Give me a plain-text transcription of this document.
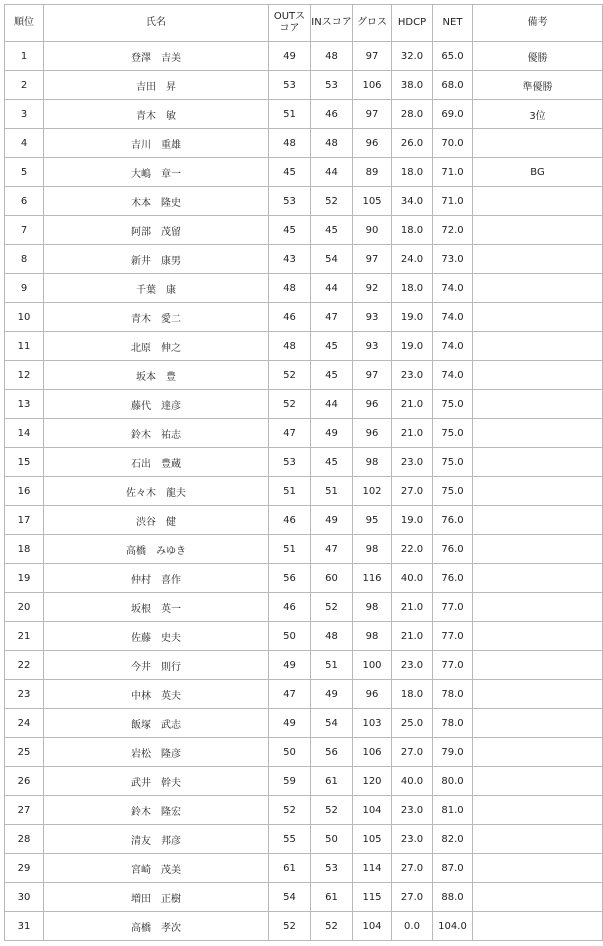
順位	氏名	OUTスコア	INスコア	グロス	HDCP	NET	備考
1	登澤 吉美	49	48	97	32.0	65.0	優勝
2	吉田 昇	53	53	106	38.0	68.0	準優勝
3	青木 敏	51	46	97	28.0	69.0	3位
4	吉川 重雄	48	48	96	26.0	70.0	
5	大嶋 章一	45	44	89	18.0	71.0	BG
6	木本 隆史	53	52	105	34.0	71.0	
7	阿部 茂留	45	45	90	18.0	72.0	
8	新井 康男	43	54	97	24.0	73.0	
9	千葉 康	48	44	92	18.0	74.0	
10	青木 愛二	46	47	93	19.0	74.0	
11	北原 伸之	48	45	93	19.0	74.0	
12	坂本 豊	52	45	97	23.0	74.0	
13	藤代 達彦	52	44	96	21.0	75.0	
14	鈴木 祐志	47	49	96	21.0	75.0	
15	石出 豊蔵	53	45	98	23.0	75.0	
16	佐々木 龍夫	51	51	102	27.0	75.0	
17	渋谷 健	46	49	95	19.0	76.0	
18	高橋 みゆき	51	47	98	22.0	76.0	
19	仲村 喜作	56	60	116	40.0	76.0	
20	坂根 英一	46	52	98	21.0	77.0	
21	佐藤 史夫	50	48	98	21.0	77.0	
22	今井 則行	49	51	100	23.0	77.0	
23	中林 英夫	47	49	96	18.0	78.0	
24	飯塚 武志	49	54	103	25.0	78.0	
25	岩松 隆彦	50	56	106	27.0	79.0	
26	武井 幹夫	59	61	120	40.0	80.0	
27	鈴木 隆宏	52	52	104	23.0	81.0	
28	清友 邦彦	55	50	105	23.0	82.0	
29	宮崎 茂美	61	53	114	27.0	87.0	
30	増田 正樹	54	61	115	27.0	88.0	
31	高橋 孝次	52	52	104	0.0	104.0	
